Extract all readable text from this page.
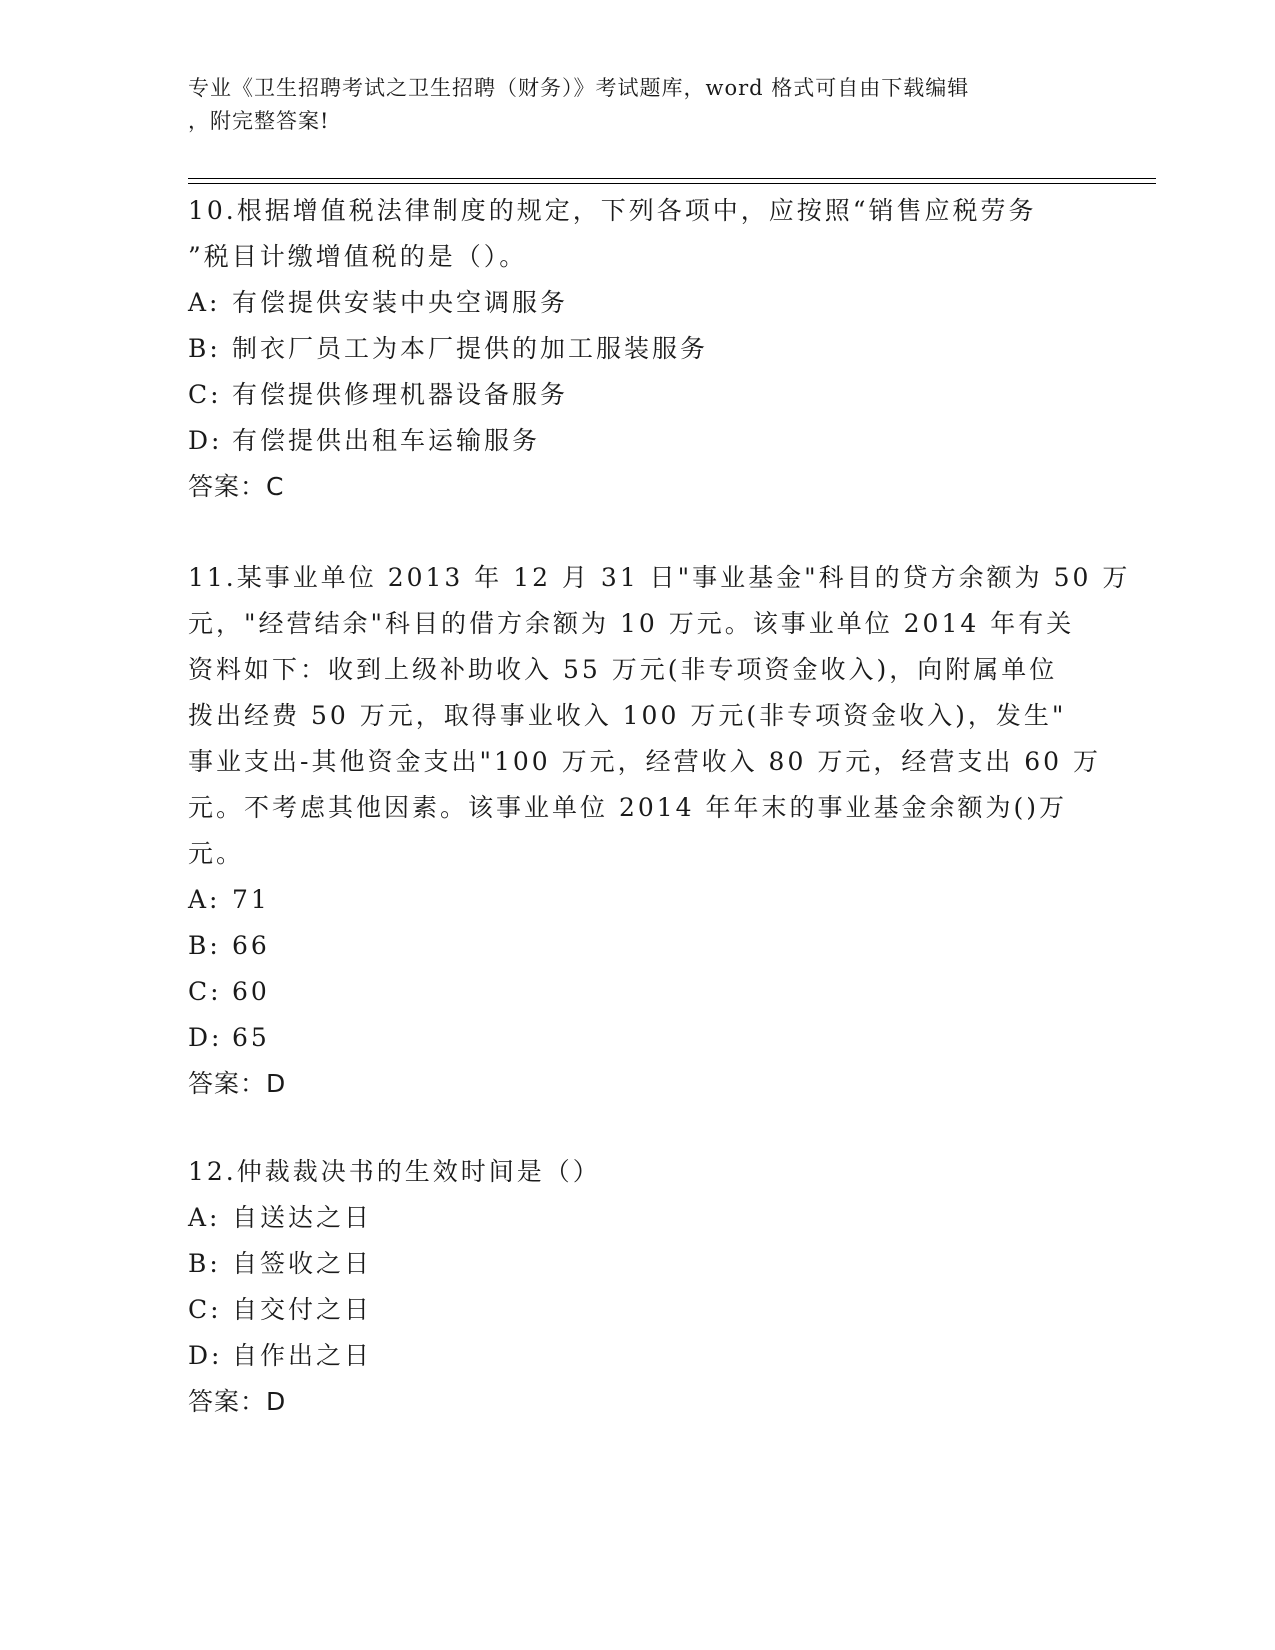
专业《卫生招聘考试之卫生招聘（财务）》考试题库，word 格式可自由下载编辑
，附完整答案!
10.根据增值税法律制度的规定，下列各项中，应按照“销售应税劳务
”税目计缴增值税的是（）。
A: 有偿提供安装中央空调服务
B: 制衣厂员工为本厂提供的加工服装服务
C: 有偿提供修理机器设备服务
D: 有偿提供出租车运输服务
答案：C
11.某事业单位 2013 年 12 月 31 日"事业基金"科目的贷方余额为 50 万
元，"经营结余"科目的借方余额为 10 万元。该事业单位 2014 年有关
资料如下：收到上级补助收入 55 万元(非专项资金收入)，向附属单位
拨出经费 50 万元，取得事业收入 100 万元(非专项资金收入)，发生"
事业支出-其他资金支出"100 万元，经营收入 80 万元，经营支出 60 万
元。不考虑其他因素。该事业单位 2014 年年末的事业基金余额为()万
元。
A: 71
B: 66
C: 60
D: 65
答案：D
12.仲裁裁决书的生效时间是（）
A: 自送达之日
B: 自签收之日
C: 自交付之日
D: 自作出之日
答案：D
